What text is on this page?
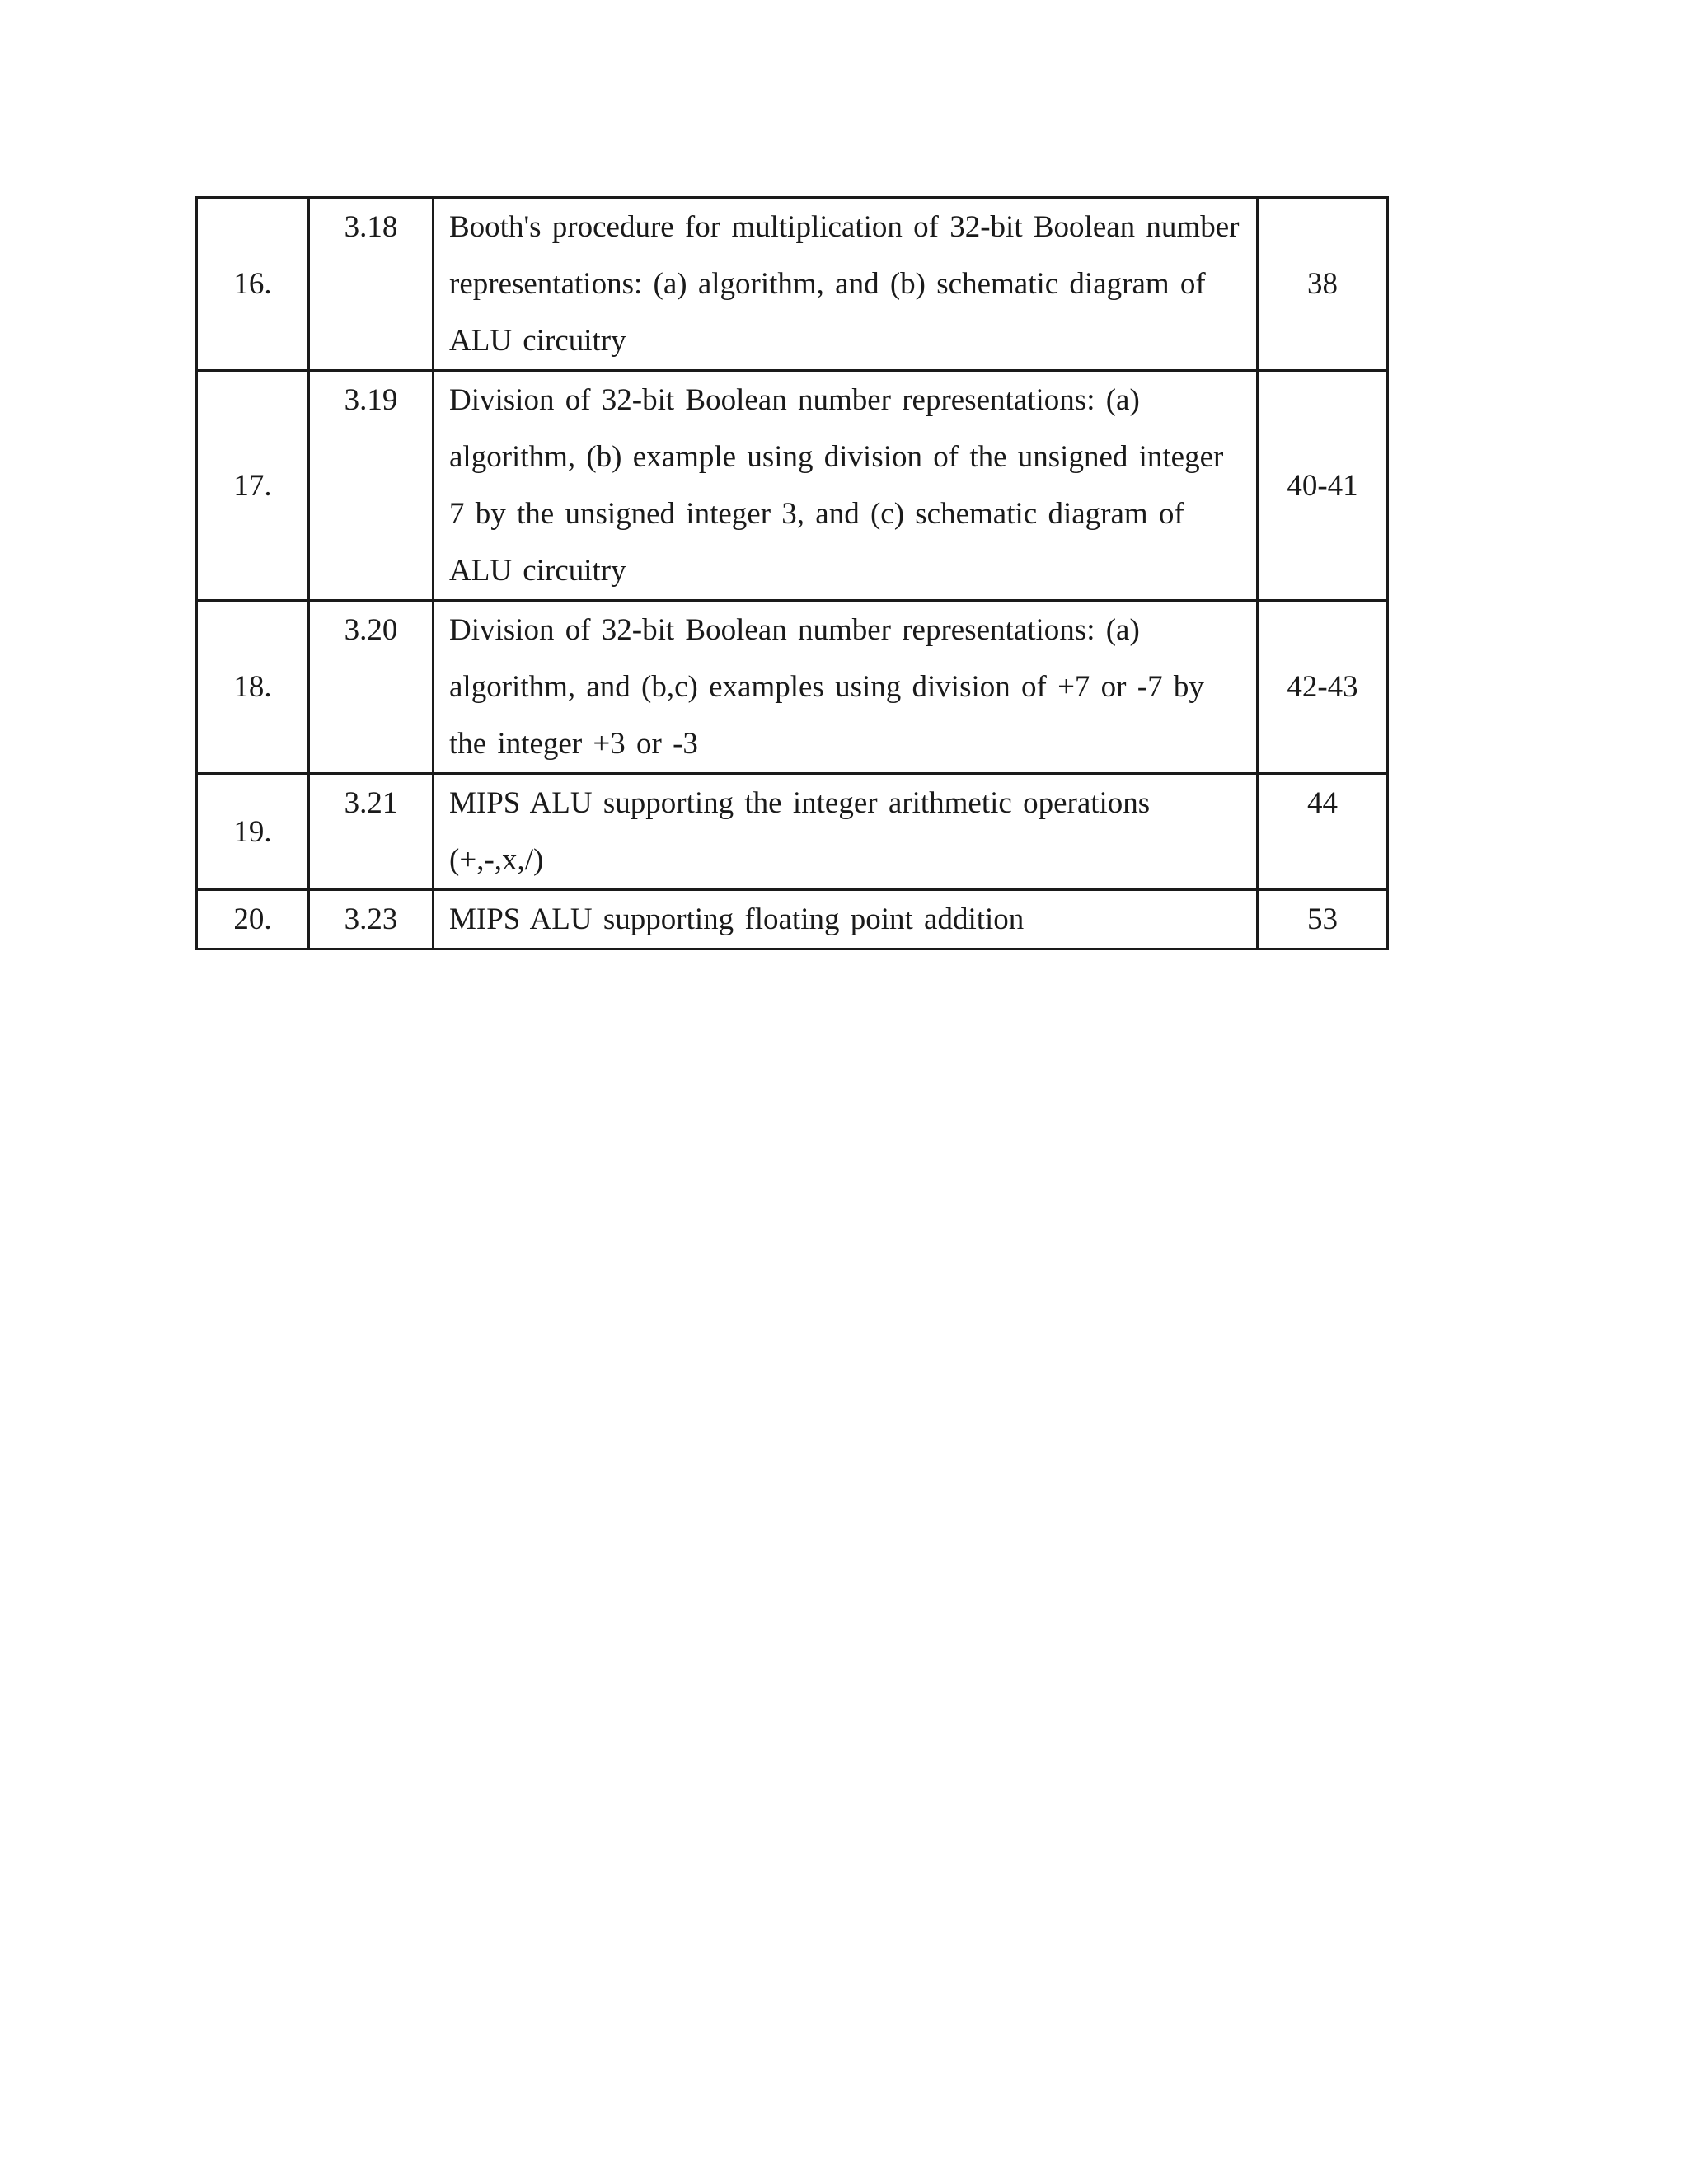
16.	3.18	Booth's procedure for multiplication of 32-bit Boolean number representations: (a) algorithm, and (b) schematic diagram of ALU circuitry	38
17.	3.19	Division of 32-bit Boolean number representations: (a) algorithm, (b) example using division of the unsigned integer 7 by the unsigned integer 3, and (c) schematic diagram of ALU circuitry	40-41
18.	3.20	Division of 32-bit Boolean number representations: (a) algorithm, and (b,c) examples using division of +7 or -7 by the integer +3 or -3	42-43
19.	3.21	MIPS ALU supporting the integer arithmetic operations (+,-,x,/)	44
20.	3.23	MIPS ALU supporting floating point addition	53
